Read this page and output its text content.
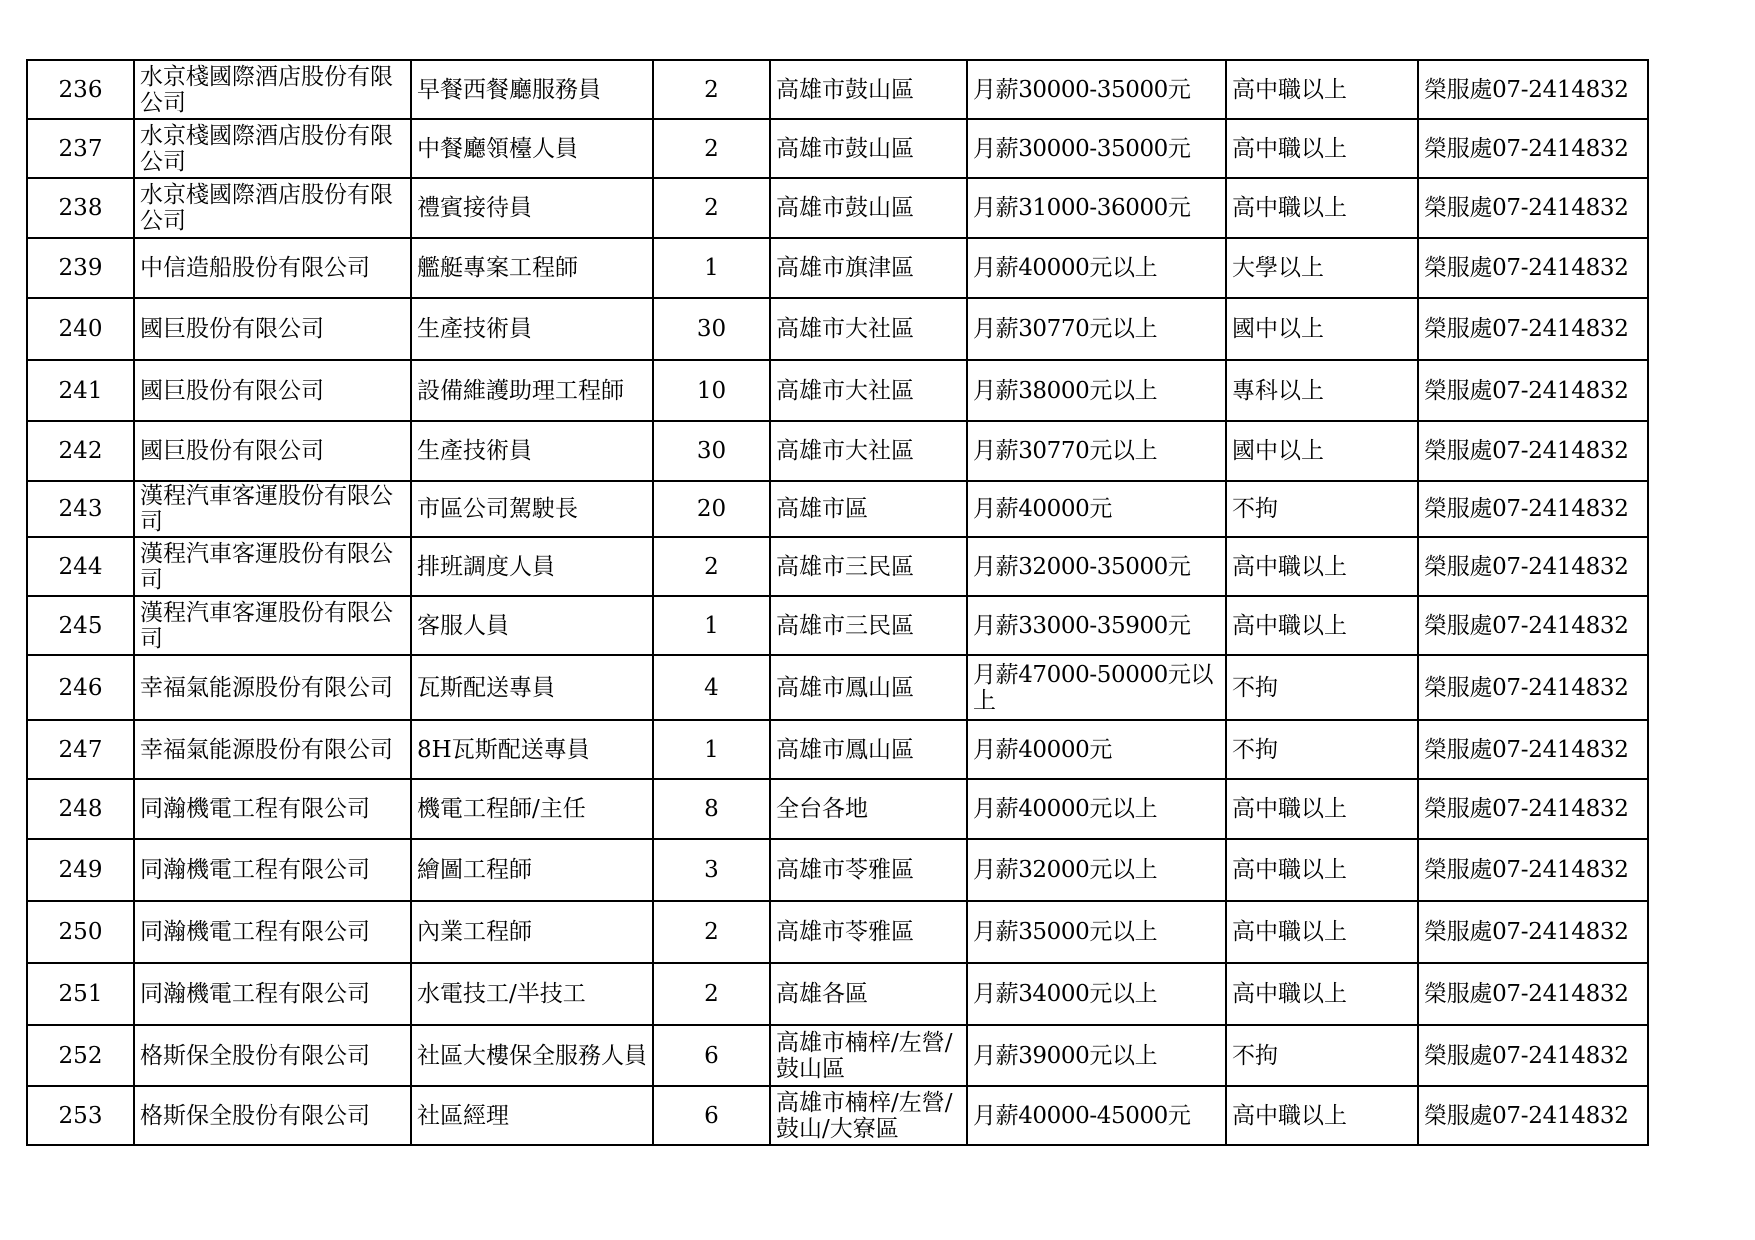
236	水京棧國際酒店股份有限公司	早餐西餐廳服務員	2	高雄市鼓山區	月薪30000-35000元	高中職以上	榮服處07-2414832
237	水京棧國際酒店股份有限公司	中餐廳領檯人員	2	高雄市鼓山區	月薪30000-35000元	高中職以上	榮服處07-2414832
238	水京棧國際酒店股份有限公司	禮賓接待員	2	高雄市鼓山區	月薪31000-36000元	高中職以上	榮服處07-2414832
239	中信造船股份有限公司	艦艇專案工程師	1	高雄市旗津區	月薪40000元以上	大學以上	榮服處07-2414832
240	國巨股份有限公司	生產技術員	30	高雄市大社區	月薪30770元以上	國中以上	榮服處07-2414832
241	國巨股份有限公司	設備維護助理工程師	10	高雄市大社區	月薪38000元以上	專科以上	榮服處07-2414832
242	國巨股份有限公司	生產技術員	30	高雄市大社區	月薪30770元以上	國中以上	榮服處07-2414832
243	漢程汽車客運股份有限公司	市區公司駕駛長	20	高雄市區	月薪40000元	不拘	榮服處07-2414832
244	漢程汽車客運股份有限公司	排班調度人員	2	高雄市三民區	月薪32000-35000元	高中職以上	榮服處07-2414832
245	漢程汽車客運股份有限公司	客服人員	1	高雄市三民區	月薪33000-35900元	高中職以上	榮服處07-2414832
246	幸福氣能源股份有限公司	瓦斯配送專員	4	高雄市鳳山區	月薪47000-50000元以上	不拘	榮服處07-2414832
247	幸福氣能源股份有限公司	8H瓦斯配送專員	1	高雄市鳳山區	月薪40000元	不拘	榮服處07-2414832
248	同瀚機電工程有限公司	機電工程師/主任	8	全台各地	月薪40000元以上	高中職以上	榮服處07-2414832
249	同瀚機電工程有限公司	繪圖工程師	3	高雄市苓雅區	月薪32000元以上	高中職以上	榮服處07-2414832
250	同瀚機電工程有限公司	內業工程師	2	高雄市苓雅區	月薪35000元以上	高中職以上	榮服處07-2414832
251	同瀚機電工程有限公司	水電技工/半技工	2	高雄各區	月薪34000元以上	高中職以上	榮服處07-2414832
252	格斯保全股份有限公司	社區大樓保全服務人員	6	高雄市楠梓/左營/鼓山區	月薪39000元以上	不拘	榮服處07-2414832
253	格斯保全股份有限公司	社區經理	6	高雄市楠梓/左營/鼓山/大寮區	月薪40000-45000元	高中職以上	榮服處07-2414832
